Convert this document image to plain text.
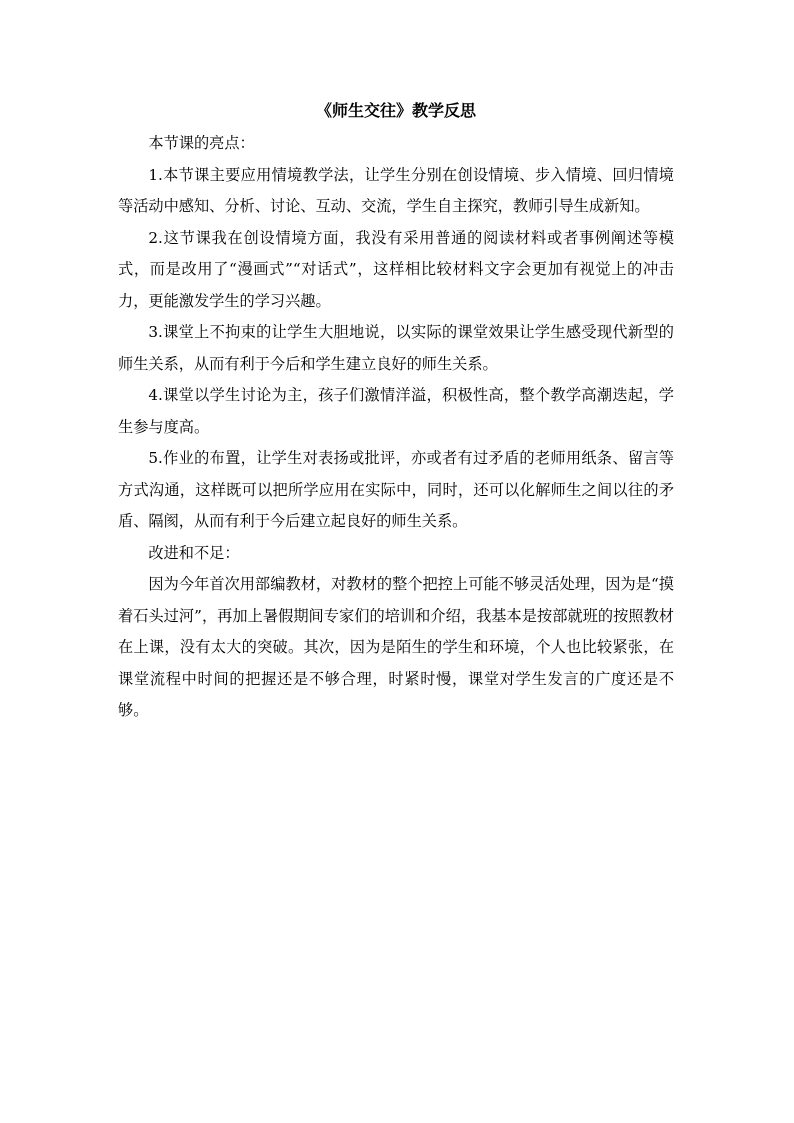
《师生交往》教学反思

本节课的亮点：

1.本节课主要应用情境教学法，让学生分别在创设情境、步入情境、回归情境等活动中感知、分析、讨论、互动、交流，学生自主探究，教师引导生成新知。

2.这节课我在创设情境方面，我没有采用普通的阅读材料或者事例阐述等模式，而是改用了“漫画式”“对话式”，这样相比较材料文字会更加有视觉上的冲击力，更能激发学生的学习兴趣。

3.课堂上不拘束的让学生大胆地说，以实际的课堂效果让学生感受现代新型的师生关系，从而有利于今后和学生建立良好的师生关系。

4.课堂以学生讨论为主，孩子们激情洋溢，积极性高，整个教学高潮迭起，学生参与度高。

5.作业的布置，让学生对表扬或批评，亦或者有过矛盾的老师用纸条、留言等方式沟通，这样既可以把所学应用在实际中，同时，还可以化解师生之间以往的矛盾、隔阂，从而有利于今后建立起良好的师生关系。

改进和不足：

因为今年首次用部编教材，对教材的整个把控上可能不够灵活处理，因为是“摸着石头过河”，再加上暑假期间专家们的培训和介绍，我基本是按部就班的按照教材在上课，没有太大的突破。其次，因为是陌生的学生和环境，个人也比较紧张，在课堂流程中时间的把握还是不够合理，时紧时慢，课堂对学生发言的广度还是不够。
